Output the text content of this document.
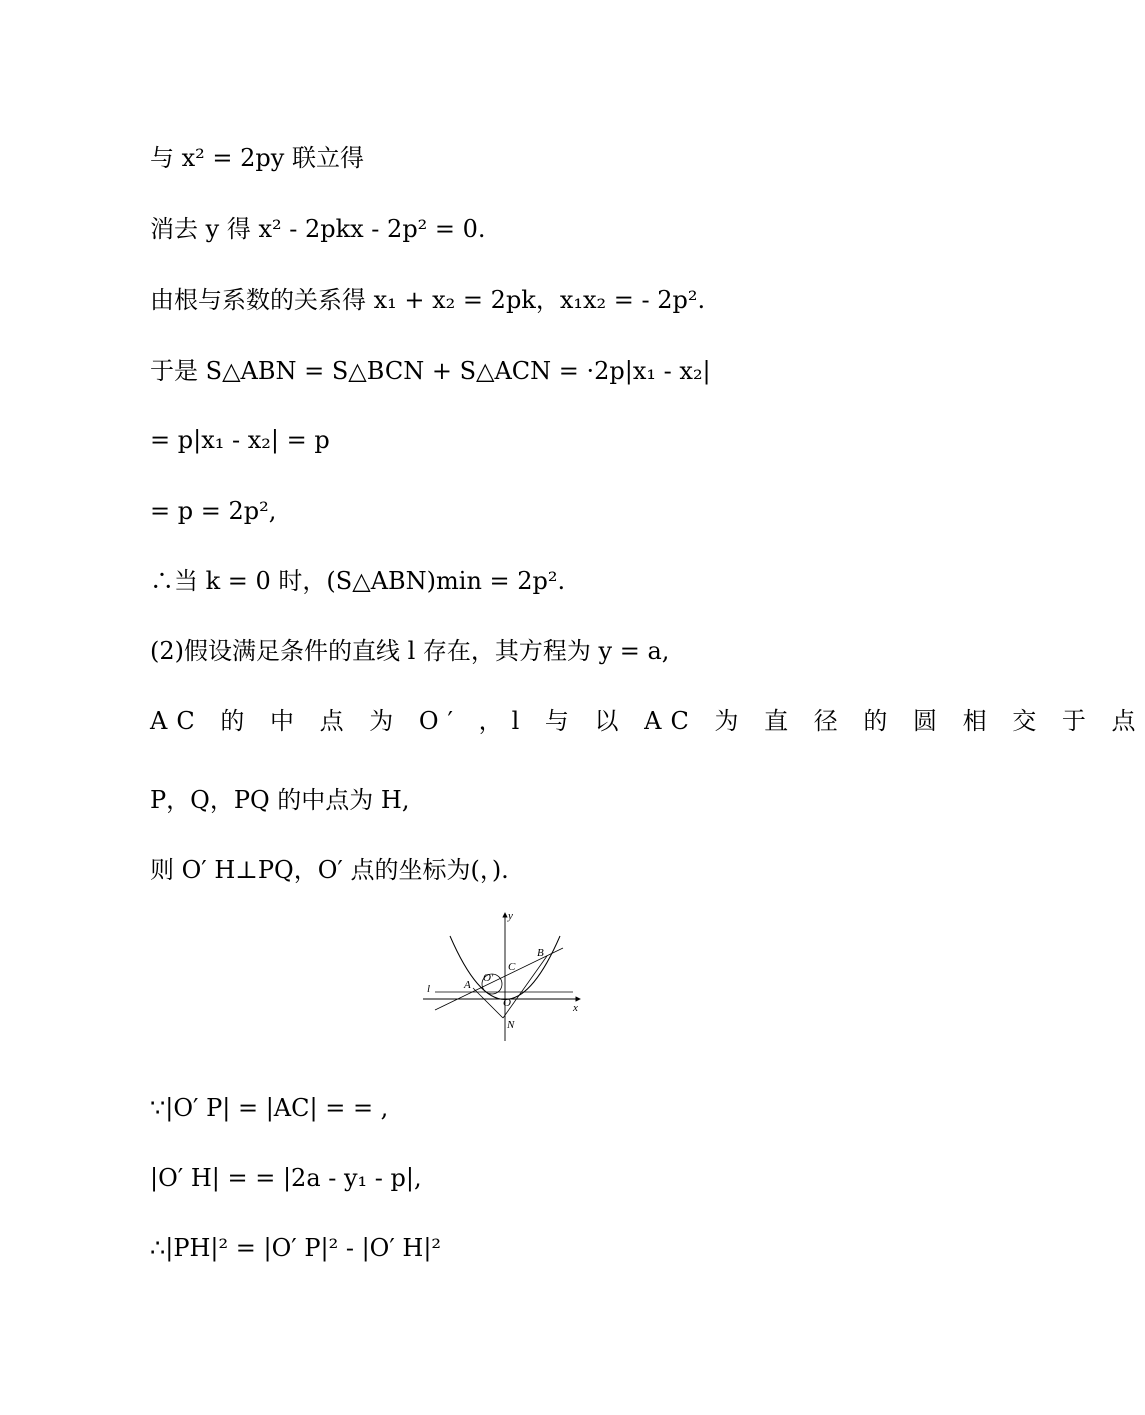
与 x² = 2py 联立得
消去 y 得 x² ‐ 2pkx ‐ 2p² = 0.
由根与系数的关系得 x₁ + x₂ = 2pk，x₁x₂ = ‐ 2p².
于是 S△ABN = S△BCN + S△ACN = ·2p|x₁ ‐ x₂|
= p|x₁ ‐ x₂| = p
= p = 2p²,
∴当 k = 0 时，(S△ABN)min = 2p².
(2)假设满足条件的直线 l 存在，其方程为 y = a,
AC 的 中 点 为 O′ ，l 与 以 AC 为 直 径 的 圆 相 交 于 点
P，Q，PQ 的中点为 H,
则 O′ H⊥PQ，O′ 点的坐标为(，).
y
x
B
C
O′
l	A
O
N
∵|O′ P| = |AC| = = ,
|O′ H| = = |2a ‐ y₁ ‐ p|,
∴|PH|² = |O′ P|² ‐ |O′ H|²
